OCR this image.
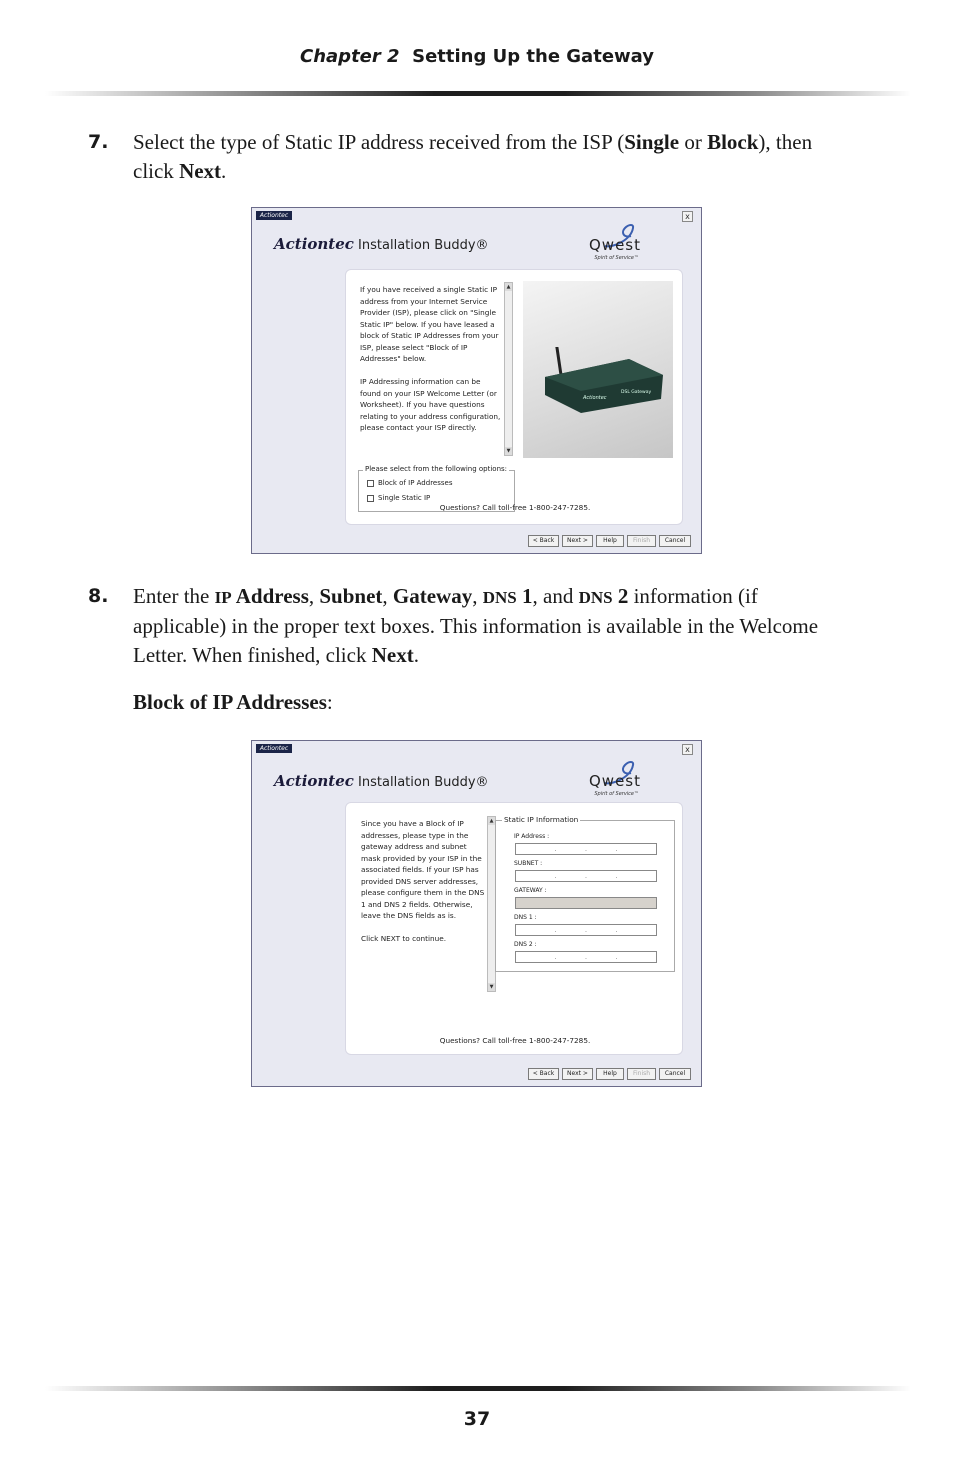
Chapter 2 Setting Up the Gateway
7. Select the type of Static IP address received from the ISP (Single or Block), then click Next.
Actiontec	x
Actiontec Installation Buddy®	Qwest
Spirit of Service™
If you have received a single Static IP address from your Internet Service Provider (ISP), please click on "Single Static IP" below. If you have leased a block of Static IP Addresses from your ISP, please select "Block of IP Addresses" below.

IP Addressing information can be found on your ISP Welcome Letter (or Worksheet). If you have questions relating to your address configuration, please contact your ISP directly.
▲
▼
Actiontec
DSL Gateway
Please select from the following options:
Block of IP Addresses
Single Static IP
Questions? Call toll-free 1-800-247-7285.
< Back	Next >	Help	Finish	Cancel
8. Enter the IP Address, Subnet, Gateway, DNS 1, and DNS 2 information (if applicable) in the proper text boxes. This information is available in the Welcome Letter. When finished, click Next.
Block of IP Addresses:
Actiontec	x
Actiontec Installation Buddy®	Qwest
Spirit of Service™
Since you have a Block of IP addresses, please type in the gateway address and subnet mask provided by your ISP in the associated fields. If your ISP has provided DNS server addresses, please configure them in the DNS 1 and DNS 2 fields. Otherwise, leave the DNS fields as is.

Click NEXT to continue.
▲
▼
Static IP Information
IP Address :
.	.	.
SUBNET :
.	.	.
GATEWAY :
DNS 1 :
.	.	.
DNS 2 :
.	.	.
Questions? Call toll-free 1-800-247-7285.
< Back	Next >	Help	Finish	Cancel
37
